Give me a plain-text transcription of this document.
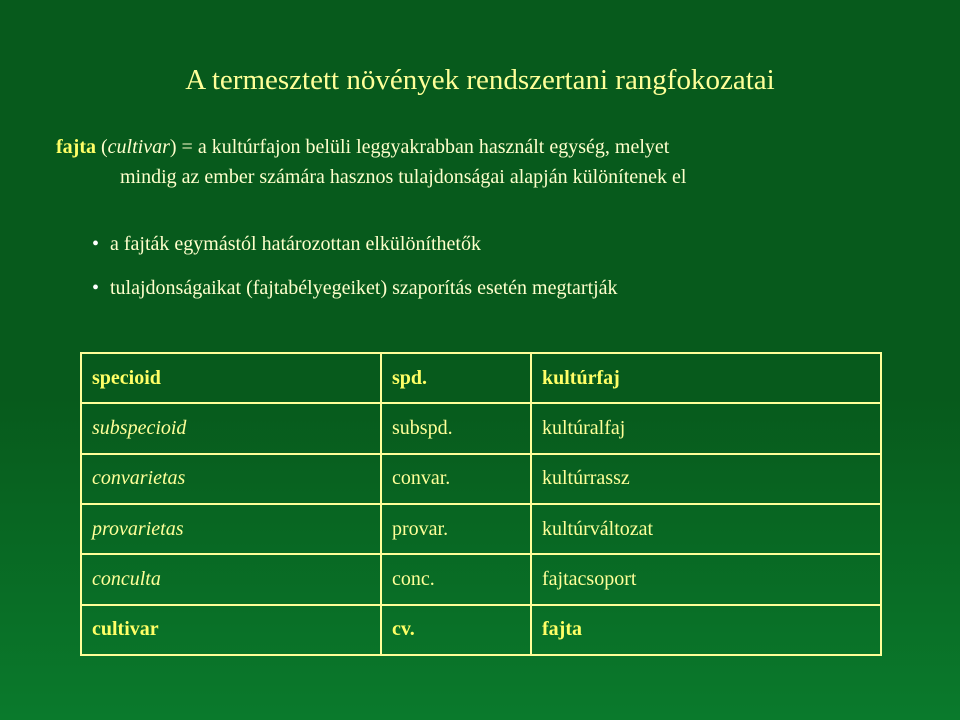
A termesztett növények rendszertani rangfokozatai
fajta (cultivar) = a kultúrfajon belüli leggyakrabban használt egység, melyet
mindig az ember számára hasznos tulajdonságai alapján különítenek el
• a fajták egymástól határozottan elkülöníthetők
• tulajdonságaikat (fajtabélyegeiket) szaporítás esetén megtartják
specioid	spd.	kultúrfaj
subspecioid	subspd.	kultúralfaj
convarietas	convar.	kultúrrassz
provarietas	provar.	kultúrváltozat
conculta	conc.	fajtacsoport
cultivar	cv.	fajta
